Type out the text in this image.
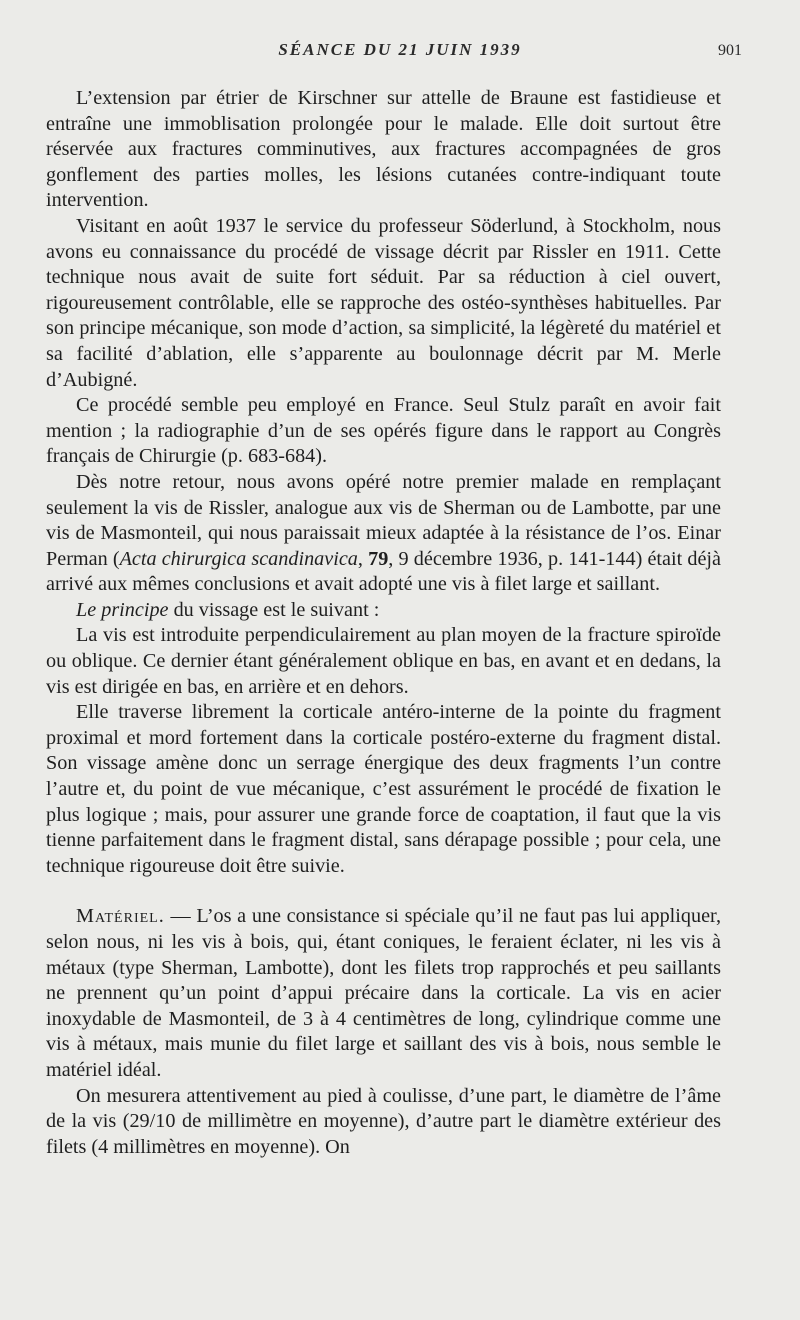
SÉANCE DU 21 JUIN 1939	901

L’extension par étrier de Kirschner sur attelle de Braune est fastidieuse et entraîne une immoblisation prolongée pour le malade. Elle doit surtout être réservée aux fractures comminutives, aux fractures accompagnées de gros gonflement des parties molles, les lésions cutanées contre-indiquant toute intervention.

Visitant en août 1937 le service du professeur Söderlund, à Stockholm, nous avons eu connaissance du procédé de vissage décrit par Rissler en 1911. Cette technique nous avait de suite fort séduit. Par sa réduction à ciel ouvert, rigoureusement contrôlable, elle se rapproche des ostéo-synthèses habituelles. Par son principe mécanique, son mode d’action, sa simplicité, la légèreté du matériel et sa facilité d’ablation, elle s’apparente au boulonnage décrit par M. Merle d’Aubigné.

Ce procédé semble peu employé en France. Seul Stulz paraît en avoir fait mention ; la radiographie d’un de ses opérés figure dans le rapport au Congrès français de Chirurgie (p. 683-684).

Dès notre retour, nous avons opéré notre premier malade en remplaçant seulement la vis de Rissler, analogue aux vis de Sherman ou de Lambotte, par une vis de Masmonteil, qui nous paraissait mieux adaptée à la résistance de l’os. Einar Perman (Acta chirurgica scandinavica, 79, 9 décembre 1936, p. 141-144) était déjà arrivé aux mêmes conclusions et avait adopté une vis à filet large et saillant.

Le principe du vissage est le suivant :

La vis est introduite perpendiculairement au plan moyen de la fracture spiroïde ou oblique. Ce dernier étant généralement oblique en bas, en avant et en dedans, la vis est dirigée en bas, en arrière et en dehors.

Elle traverse librement la corticale antéro-interne de la pointe du fragment proximal et mord fortement dans la corticale postéro-externe du fragment distal. Son vissage amène donc un serrage énergique des deux fragments l’un contre l’autre et, du point de vue mécanique, c’est assurément le procédé de fixation le plus logique ; mais, pour assurer une grande force de coaptation, il faut que la vis tienne parfaitement dans le fragment distal, sans dérapage possible ; pour cela, une technique rigoureuse doit être suivie.

Matériel. — L’os a une consistance si spéciale qu’il ne faut pas lui appliquer, selon nous, ni les vis à bois, qui, étant coniques, le feraient éclater, ni les vis à métaux (type Sherman, Lambotte), dont les filets trop rapprochés et peu saillants ne prennent qu’un point d’appui précaire dans la corticale. La vis en acier inoxydable de Masmonteil, de 3 à 4 centimètres de long, cylindrique comme une vis à métaux, mais munie du filet large et saillant des vis à bois, nous semble le matériel idéal.

On mesurera attentivement au pied à coulisse, d’une part, le diamètre de l’âme de la vis (29/10 de millimètre en moyenne), d’autre part le diamètre extérieur des filets (4 millimètres en moyenne). On
